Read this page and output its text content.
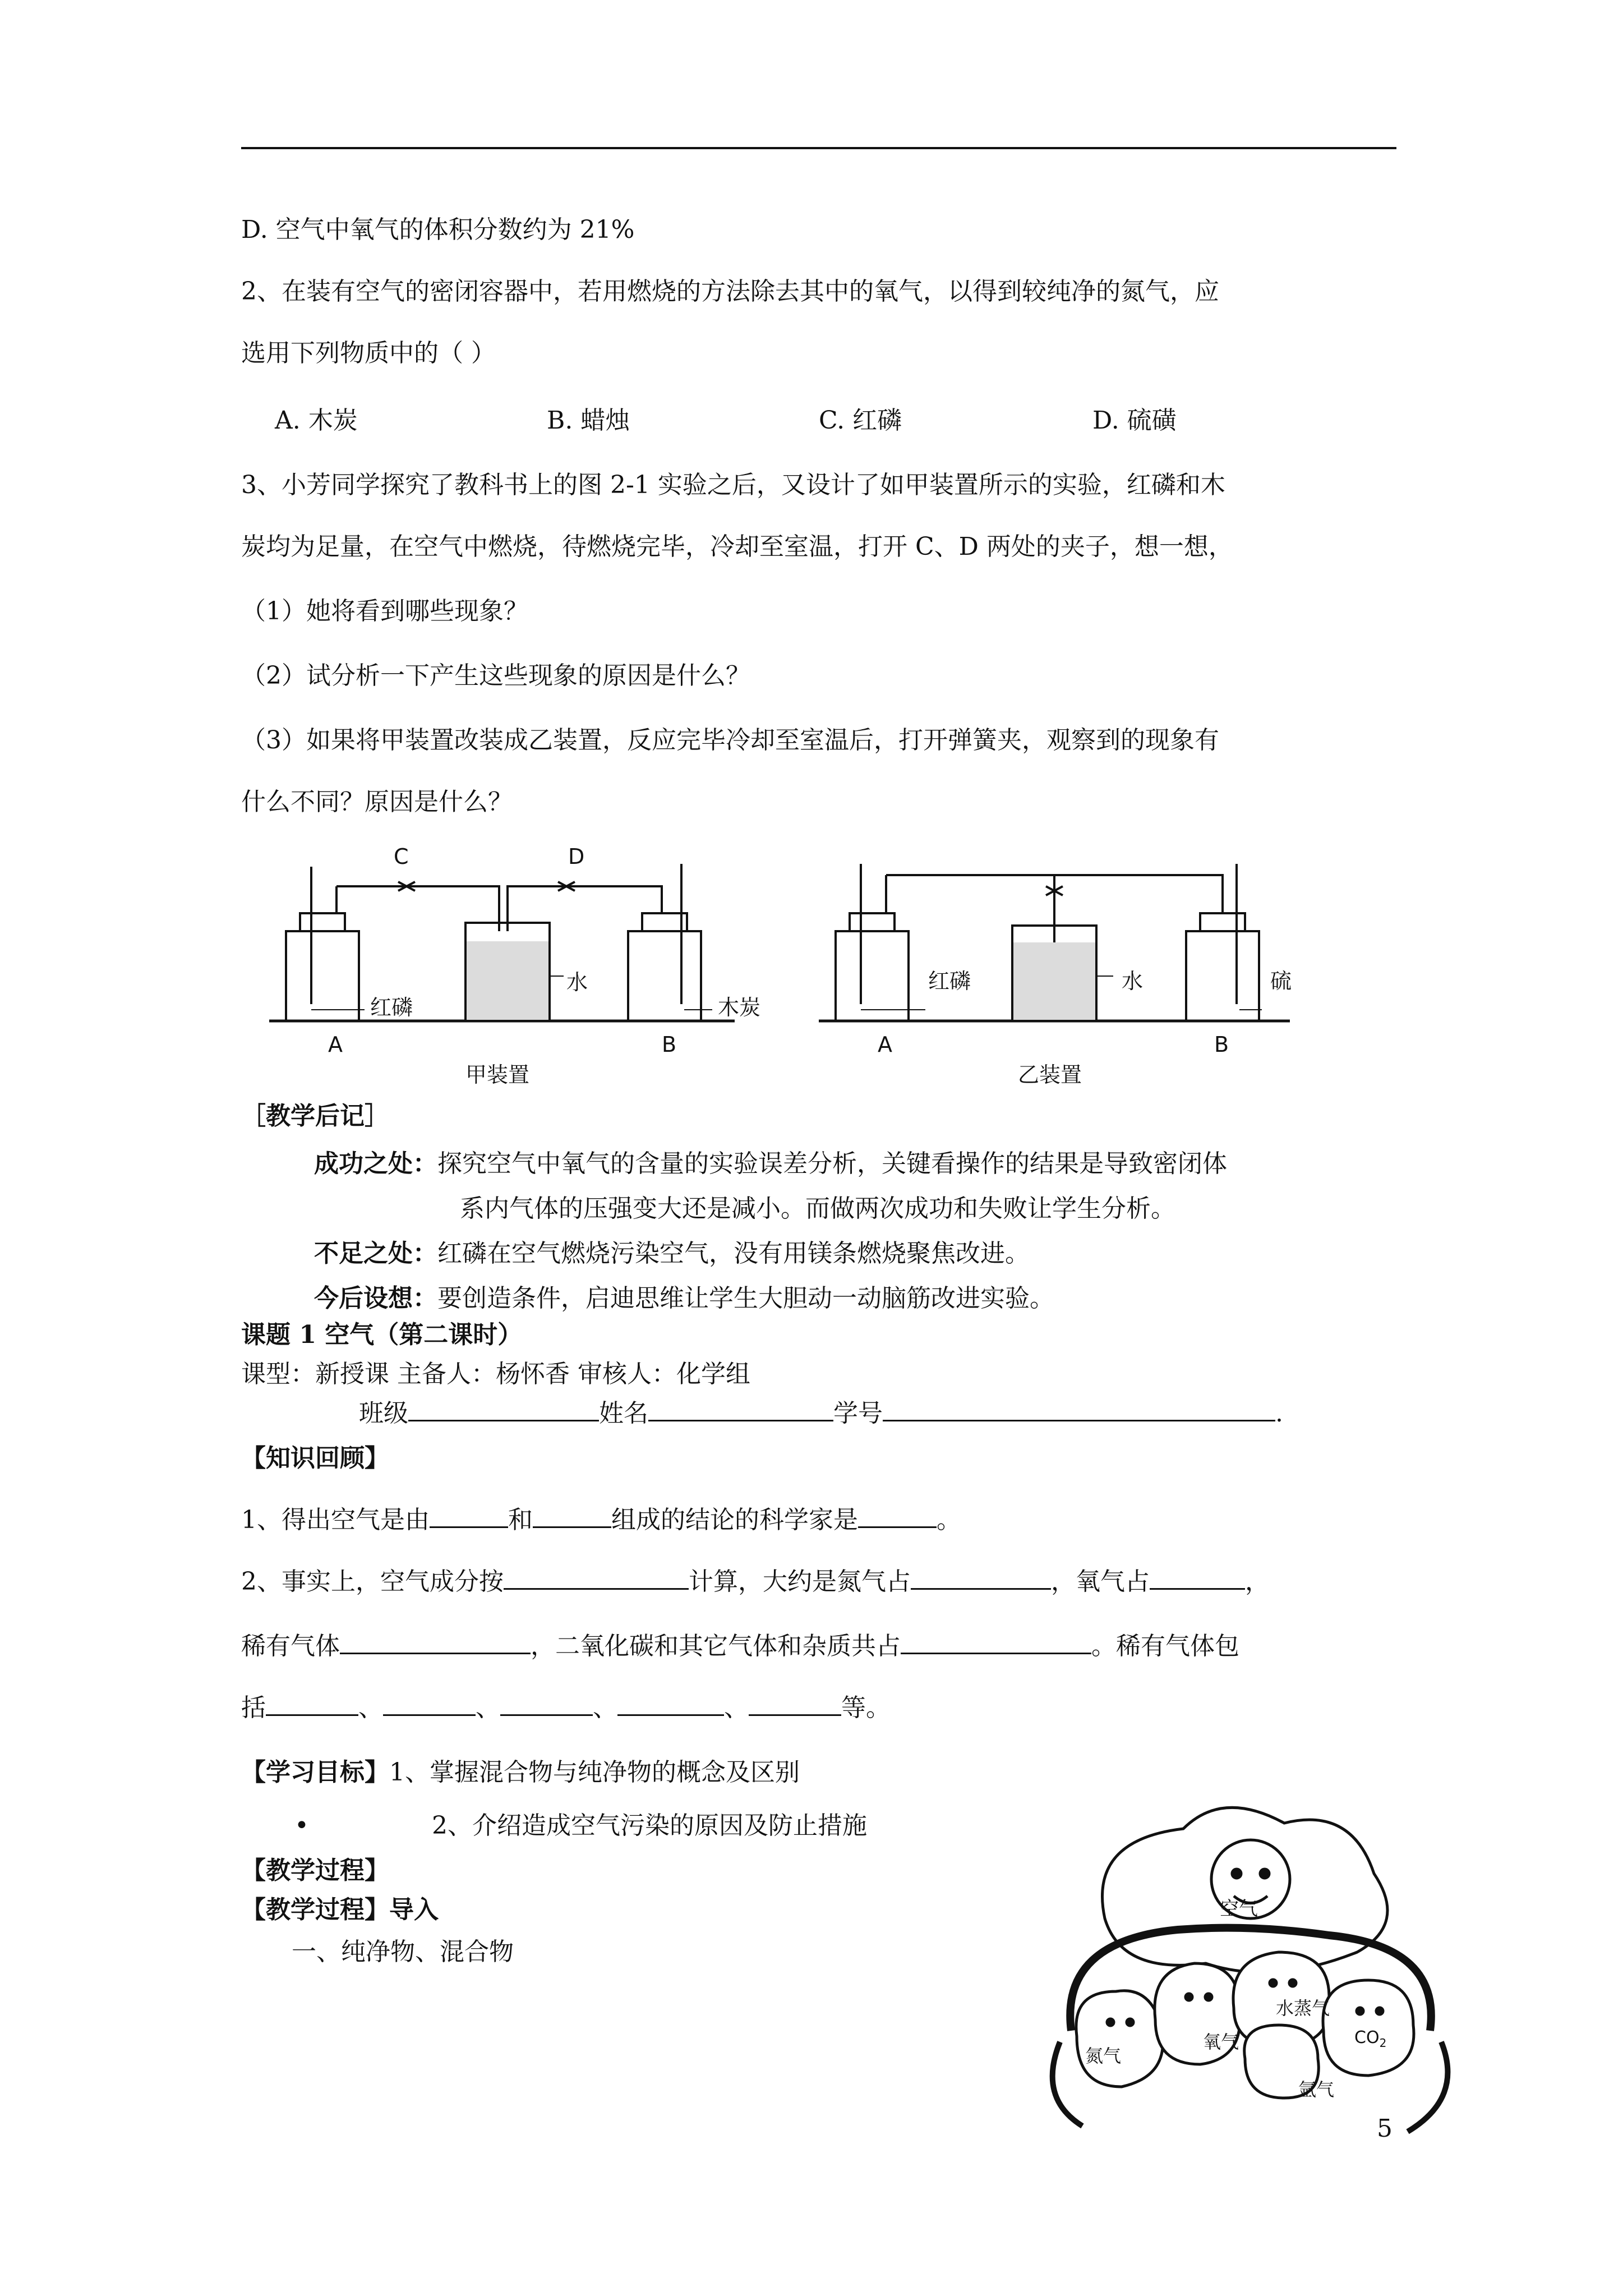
D. 空气中氧气的体积分数约为 21%
2、在装有空气的密闭容器中，若用燃烧的方法除去其中的氧气，以得到较纯净的氮气，应
选用下列物质中的（ ）
A. 木炭	B. 蜡烛	C. 红磷	D. 硫磺
3、小芳同学探究了教科书上的图 2-1 实验之后，又设计了如甲装置所示的实验，红磷和木
炭均为足量，在空气中燃烧，待燃烧完毕，冷却至室温，打开 C、D 两处的夹子，想一想，
（1）她将看到哪些现象？
（2）试分析一下产生这些现象的原因是什么？
（3）如果将甲装置改装成乙装置，反应完毕冷却至室温后，打开弹簧夹，观察到的现象有
什么不同？原因是什么？
C	D
A	B
红磷
水
木炭
甲装置
A	B
红磷	水	硫
乙装置
［教学后记］
成功之处：探究空气中氧气的含量的实验误差分析，关键看操作的结果是导致密闭体
系内气体的压强变大还是减小。而做两次成功和失败让学生分析。
不足之处：红磷在空气燃烧污染空气，没有用镁条燃烧聚焦改进。
今后设想：要创造条件，启迪思维让学生大胆动一动脑筋改进实验。
课题 1 空气（第二课时）
课型：新授课 主备人：杨怀香 审核人：化学组
班级	姓名	学号	.
【知识回顾】
1、得出空气是由	和	组成的结论的科学家是	。
2、事实上，空气成分按	计算，大约是氮气占	，氧气占	，
稀有气体	，二氧化碳和其它气体和杂质共占	。稀有气体包
括	、	、	、	、	等。
【学习目标】1、掌握混合物与纯净物的概念及区别
•	2、介绍造成空气污染的原因及防止措施
【教学过程】
【教学过程】导入
一、纯净物、混合物
空气
氮气
氧气
水蒸气
$CO_2$
氩气
5
